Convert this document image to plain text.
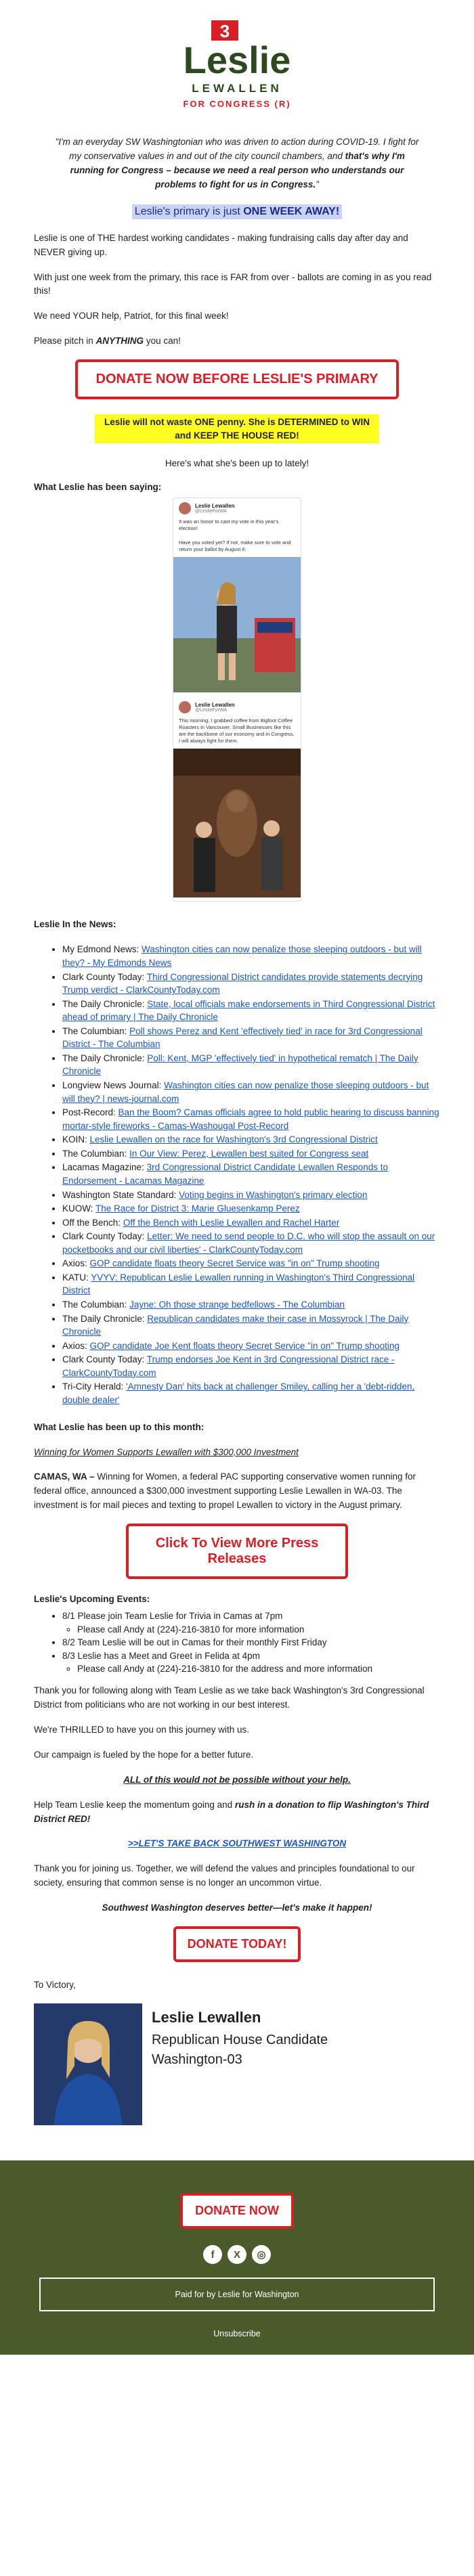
3
Leslie
LEWALLEN
FOR CONGRESS (R)
"I'm an everyday SW Washingtonian who was driven to action during COVID-19. I fight for my conservative values in and out of the city council chambers, and that's why I'm running for Congress – because we need a real person who understands our problems to fight for us in Congress."
Leslie's primary is just ONE WEEK AWAY!

Leslie is one of THE hardest working candidates - making fundraising calls day after day and NEVER giving up.

With just one week from the primary, this race is FAR from over - ballots are coming in as you read this!

We need YOUR help, Patriot, for this final week!

Please pitch in ANYTHING you can!

DONATE NOW BEFORE LESLIE'S PRIMARY
Leslie will not waste ONE penny. She is DETERMINED to WIN and KEEP THE HOUSE RED!

Here's what she's been up to lately!

What Leslie has been saying:
Leslie Lewallen
@LeslieForWA
It was an honor to cast my vote in this year's election!

Have you voted yet? If not, make sure to vote and return your ballot by August 6.
Leslie Lewallen
@LeslieForWA
This morning, I grabbed coffee from Bigfoot Coffee Roasters in Vancouver. Small Businesses like this are the backbone of our economy and in Congress, I will always fight for them.
Leslie In the News:
• My Edmond News: Washington cities can now penalize those sleeping outdoors - but will they? - My Edmonds News
• Clark County Today: Third Congressional District candidates provide statements decrying Trump verdict - ClarkCountyToday.com
• The Daily Chronicle: State, local officials make endorsements in Third Congressional District ahead of primary | The Daily Chronicle
• The Columbian: Poll shows Perez and Kent 'effectively tied' in race for 3rd Congressional District - The Columbian
• The Daily Chronicle: Poll: Kent, MGP 'effectively tied' in hypothetical rematch | The Daily Chronicle
• Longview News Journal: Washington cities can now penalize those sleeping outdoors - but will they? | news-journal.com
• Post-Record: Ban the Boom? Camas officials agree to hold public hearing to discuss banning mortar-style fireworks - Camas-Washougal Post-Record
• KOIN: Leslie Lewallen on the race for Washington's 3rd Congressional District
• The Columbian: In Our View: Perez, Lewallen best suited for Congress seat
• Lacamas Magazine: 3rd Congressional District Candidate Lewallen Responds to Endorsement - Lacamas Magazine
• Washington State Standard: Voting begins in Washington's primary election
• KUOW: The Race for District 3: Marie Gluesenkamp Perez
• Off the Bench: Off the Bench with Leslie Lewallen and Rachel Harter
• Clark County Today: Letter: We need to send people to D.C. who will stop the assault on our pocketbooks and our civil liberties' - ClarkCountyToday.com
• Axios: GOP candidate floats theory Secret Service was "in on" Trump shooting
• KATU: YVYV: Republican Leslie Lewallen running in Washington's Third Congressional District
• The Columbian: Jayne: Oh those strange bedfellows - The Columbian
• The Daily Chronicle: Republican candidates make their case in Mossyrock | The Daily Chronicle
• Axios: GOP candidate Joe Kent floats theory Secret Service "in on" Trump shooting
• Clark County Today: Trump endorses Joe Kent in 3rd Congressional District race - ClarkCountyToday.com
• Tri-City Herald: 'Amnesty Dan' hits back at challenger Smiley, calling her a 'debt-ridden, double dealer'
What Leslie has been up to this month:

Winning for Women Supports Lewallen with $300,000 Investment

CAMAS, WA – Winning for Women, a federal PAC supporting conservative women running for federal office, announced a $300,000 investment supporting Leslie Lewallen in WA-03. The investment is for mail pieces and texting to propel Lewallen to victory in the August primary.

Click To View More Press Releases
Leslie's Upcoming Events:
• 8/1 Please join Team Leslie for Trivia in Camas at 7pm
◦ Please call Andy at (224)-216-3810 for more information
• 8/2 Team Leslie will be out in Camas for their monthly First Friday
• 8/3 Leslie has a Meet and Greet in Felida at 4pm
◦ Please call Andy at (224)-216-3810 for the address and more information

Thank you for following along with Team Leslie as we take back Washington's 3rd Congressional District from politicians who are not working in our best interest.

We're THRILLED to have you on this journey with us.

Our campaign is fueled by the hope for a better future.

ALL of this would not be possible without your help.

Help Team Leslie keep the momentum going and rush in a donation to flip Washington's Third District RED!

>>LET'S TAKE BACK SOUTHWEST WASHINGTON

Thank you for joining us. Together, we will defend the values and principles foundational to our society, ensuring that common sense is no longer an uncommon virtue.

Southwest Washington deserves better—let's make it happen!

DONATE TODAY!

To Victory,

Leslie Lewallen
Republican House Candidate
Washington-03
DONATE NOW
f	X	◎
Paid for by Leslie for Washington
Unsubscribe
